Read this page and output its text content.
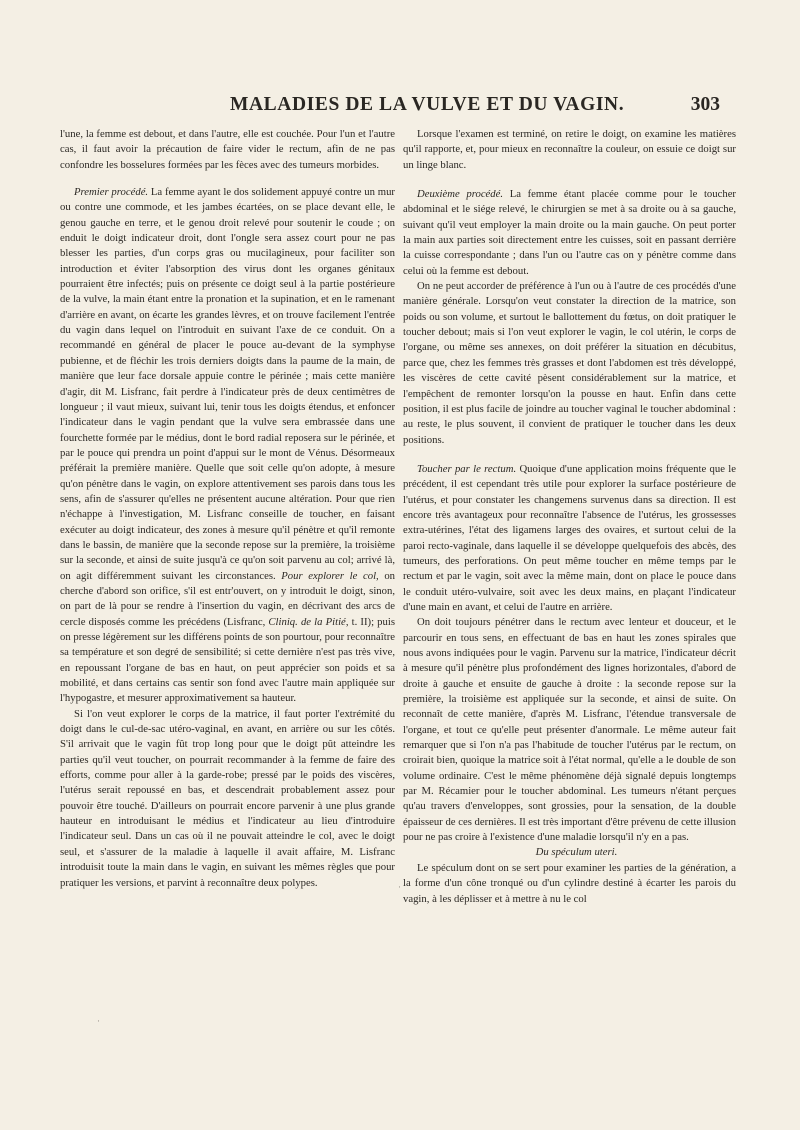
MALADIES DE LA VULVE ET DU VAGIN.	303

l'une, la femme est debout, et dans l'autre, elle est couchée. Pour l'un et l'autre cas, il faut avoir la précaution de faire vider le rectum, afin de ne pas confondre les bosselures formées par les fèces avec des tumeurs morbides.

Premier procédé. La femme ayant le dos solidement appuyé contre un mur ou contre une commode, et les jambes écartées, on se place devant elle, le genou gauche en terre, et le genou droit relevé pour soutenir le coude ; on enduit le doigt indicateur droit, dont l'ongle sera assez court pour ne pas blesser les parties, d'un corps gras ou mucilagineux, pour faciliter son introduction et éviter l'absorption des virus dont les organes génitaux pourraient être infectés; puis on présente ce doigt seul à la partie postérieure de la vulve, la main étant entre la pronation et la supination, et en le ramenant d'arrière en avant, on écarte les grandes lèvres, et on trouve facilement l'entrée du vagin dans lequel on l'introduit en suivant l'axe de ce conduit. On a recommandé en général de placer le pouce au-devant de la symphyse pubienne, et de fléchir les trois derniers doigts dans la paume de la main, de manière que leur face dorsale appuie contre le périnée ; mais cette manière d'agir, dit M. Lisfranc, fait perdre à l'indicateur près de deux centimètres de longueur ; il vaut mieux, suivant lui, tenir tous les doigts étendus, et enfoncer l'indicateur dans le vagin pendant que la vulve sera embrassée dans une fourchette formée par le médius, dont le bord radial reposera sur le périnée, et par le pouce qui prendra un point d'appui sur le mont de Vénus. Désormeaux préférait la première manière. Quelle que soit celle qu'on adopte, à mesure qu'on pénètre dans le vagin, on explore attentivement ses parois dans tous les sens, afin de s'assurer qu'elles ne présentent aucune altération. Pour que rien n'échappe à l'investigation, M. Lisfranc conseille de toucher, en faisant exécuter au doigt indicateur, des zones à mesure qu'il pénètre et qu'il remonte dans le bassin, de manière que la seconde repose sur la première, la troisième sur la seconde, et ainsi de suite jusqu'à ce qu'on soit parvenu au col; arrivé là, on agit différemment suivant les circonstances. Pour explorer le col, on cherche d'abord son orifice, s'il est entr'ouvert, on y introduit le doigt, sinon, on part de là pour se rendre à l'insertion du vagin, en décrivant des arcs de cercle disposés comme les précédens (Lisfranc, Cliniq. de la Pitié, t. II); puis on presse légèrement sur les différens points de son pourtour, pour reconnaître sa température et son degré de sensibilité; si cette dernière n'est pas très vive, en repoussant l'organe de bas en haut, on peut apprécier son poids et sa mobilité, et dans certains cas sentir son fond avec l'autre main appliquée sur l'hypogastre, et mesurer approximativement sa hauteur.

Si l'on veut explorer le corps de la matrice, il faut porter l'extrémité du doigt dans le cul-de-sac utéro-vaginal, en avant, en arrière ou sur les côtés. S'il arrivait que le vagin fût trop long pour que le doigt pût atteindre les parties qu'il veut toucher, on pourrait recommander à la femme de faire des efforts, comme pour aller à la garde-robe; pressé par le poids des viscères, l'utérus serait repoussé en bas, et descendrait probablement assez pour pouvoir être touché. D'ailleurs on pourrait encore parvenir à une plus grande hauteur en introduisant le médius et l'indicateur au lieu d'introduire l'indicateur seul. Dans un cas où il ne pouvait atteindre le col, avec le doigt seul, et s'assurer de la maladie à laquelle il avait affaire, M. Lisfranc introduisit toute la main dans le vagin, en suivant les mêmes règles que pour pratiquer les versions, et parvint à reconnaître deux polypes.

Lorsque l'examen est terminé, on retire le doigt, on examine les matières qu'il rapporte, et, pour mieux en reconnaître la couleur, on essuie ce doigt sur un linge blanc.

Deuxième procédé. La femme étant placée comme pour le toucher abdominal et le siége relevé, le chirurgien se met à sa droite ou à sa gauche, suivant qu'il veut employer la main droite ou la main gauche. On peut porter la main aux parties soit directement entre les cuisses, soit en passant derrière la cuisse correspondante ; dans l'un ou l'autre cas on y pénètre comme dans celui où la femme est debout.

On ne peut accorder de préférence à l'un ou à l'autre de ces procédés d'une manière générale. Lorsqu'on veut constater la direction de la matrice, son poids ou son volume, et surtout le ballottement du fœtus, on doit pratiquer le toucher debout; mais si l'on veut explorer le vagin, le col utérin, le corps de l'organe, ou même ses annexes, on doit préférer la situation en décubitus, parce que, chez les femmes très grasses et dont l'abdomen est très développé, les viscères de cette cavité pèsent considérablement sur la matrice, et l'empêchent de remonter lorsqu'on la pousse en haut. Enfin dans cette position, il est plus facile de joindre au toucher vaginal le toucher abdominal : au reste, le plus souvent, il convient de pratiquer le toucher dans les deux positions.

Toucher par le rectum. Quoique d'une application moins fréquente que le précédent, il est cependant très utile pour explorer la surface postérieure de l'utérus, et pour constater les changemens survenus dans sa direction. Il est encore très avantageux pour reconnaître l'absence de l'utérus, les grossesses extra-utérines, l'état des ligamens larges des ovaires, et surtout celui de la paroi recto-vaginale, dans laquelle il se développe quelquefois des abcès, des tumeurs, des perforations. On peut même toucher en même temps par le rectum et par le vagin, soit avec la même main, dont on place le pouce dans le conduit utéro-vulvaire, soit avec les deux mains, en plaçant l'indicateur d'une main en avant, et celui de l'autre en arrière.

On doit toujours pénétrer dans le rectum avec lenteur et douceur, et le parcourir en tous sens, en effectuant de bas en haut les zones spirales que nous avons indiquées pour le vagin. Parvenu sur la matrice, l'indicateur décrit à mesure qu'il pénètre plus profondément des lignes horizontales, d'abord de droite à gauche et ensuite de gauche à droite : la seconde repose sur la première, la troisième est appliquée sur la seconde, et ainsi de suite. On reconnaît de cette manière, d'après M. Lisfranc, l'étendue transversale de l'organe, et tout ce qu'elle peut présenter d'anormale. Le même auteur fait remarquer que si l'on n'a pas l'habitude de toucher l'utérus par le rectum, on croirait bien, quoique la matrice soit à l'état normal, qu'elle a le double de son volume ordinaire. C'est le même phénomène déjà signalé depuis longtemps par M. Récamier pour le toucher abdominal. Les tumeurs n'étant perçues qu'au travers d'enveloppes, sont grossies, pour la sensation, de la double épaisseur de ces dernières. Il est très important d'être prévenu de cette illusion pour ne pas croire à l'existence d'une maladie lorsqu'il n'y en a pas.

Du spéculum uteri.

Le spéculum dont on se sert pour examiner les parties de la génération, a la forme d'un cône tronqué ou d'un cylindre destiné à écarter les parois du vagin, à les déplisser et à mettre à nu le col

·
·
